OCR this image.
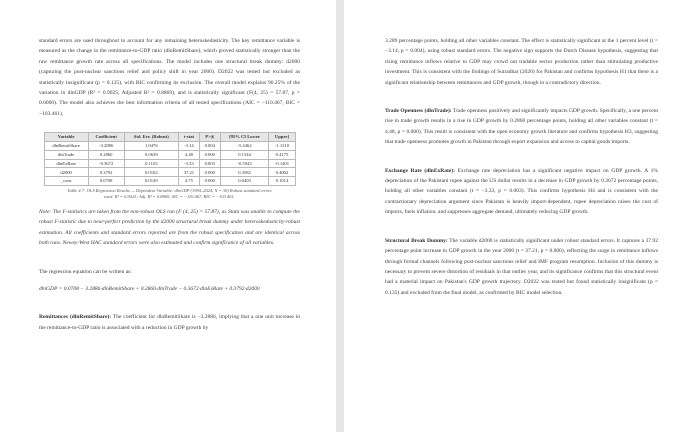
standard errors are used throughout to account for any remaining heteroskedasticity. The key remittance variable is measured as the change in the remittance-to-GDP ratio (dlnRemitShare), which proved statistically stronger than the raw remittance growth rate across all specifications. The model includes one structural break dummy: d2000 (capturing the post-nuclear sanctions relief and policy shift in year 2000). D2022 was tested but excluded as statistically insignificant (p = 0.135), with BIC confirming its exclusion. The overall model explains 90.25% of the variation in dlnGDP (R² = 0.9025; Adjusted R² = 0.8869), and is statistically significant (F(4, 25) = 57.87, p = 0.0000). The model also achieves the best information criteria of all tested specifications (AIC = −110.467, BIC = −103.461).

Variable	Coefficient	Std. Err. (Robust)	t-stat	P>|t|	[95% CI Lower	Upper]
dlnRemitShare	-3.2886	1.0476	-3.14	0.004	-5.4462	-1.1310
dlnTrade	0.2860	0.0639	4.48	0.000	0.1544	0.4175
dlnExRate	-0.3672	0.1103	-3.33	0.003	-0.5943	-0.1401
d2000	0.3792	0.0102	37.21	0.000	0.3582	0.4002
_cons	0.0708	0.0149	4.75	0.000	0.0403	0.1014
Table 4.7: OLS Regression Results — Dependent Variable: dlnGDP (1994–2024, N = 30) Robust standard errors
used. R² = 0.9025; Adj. R² = 0.8869, AIC = −110.467, BIC = −103.461.

Note: The F-statistics are taken from the non-robust OLS run (F (4, 25) = 57.87), as Stata was unable to compute the robust F-statistic due to near-perfect prediction by the d2000 structural break dummy under heteroskedasticity-robust estimation. All coefficients and standard errors reported are from the robust specification and are identical across both runs. Newey-West HAC standard errors were also estimated and confirm significance of all variables.

The regression equation can be written as:

dlnGDP = 0.0708 − 3.2886·dlnRemitShare + 0.2860·dlnTrade − 0.3672·dlnExRate + 0.3792·d2000

Remittances (dlnRemitShare): The coefficient for dlnRemitShare is −3.2886, implying that a one unit increase in the remittance-to-GDP ratio is associated with a reduction in GDP growth by

3.289 percentage points, holding all other variables constant. The effect is statistically significant at the 1 percent level (t = −3.14, p = 0.004), using robust standard errors. The negative sign supports the Dutch Disease hypothesis, suggesting that rising remittance inflows relative to GDP may crowd out tradable sector production rather than stimulating productive investment. This is consistent with the findings of Sutradhar (2020) for Pakistan and confirms hypothesis H1 that there is a significant relationship between remittances and GDP growth, though in a contradictory direction.

Trade Openness (dlnTrade): Trade openness positively and significantly impacts GDP growth. Specifically, a one percent rise in trade growth results in a rise in GDP growth by 0.2860 percentage points, holding all other variables constant (t = 4.48, p = 0.000). This result is consistent with the open economy growth literature and confirms hypothesis H3, suggesting that trade openness promotes growth in Pakistan through export expansion and access to capital goods imports.

Exchange Rate (dlnExRate): Exchange rate depreciation has a significant negative impact on GDP growth. A 1% depreciation of the Pakistani rupee against the US dollar results in a decrease in GDP growth by 0.3672 percentage points, holding all other variables constant (t = −3.33, p = 0.003). This confirms hypothesis H4 and is consistent with the contractionary depreciation argument since Pakistan is heavily import-dependent, rupee depreciation raises the cost of imports, fuels inflation, and suppresses aggregate demand, ultimately reducing GDP growth.

Structural Break Dummy: The variable d2000 is statistically significant under robust standard errors. It captures a 37.92 percentage point increase in GDP growth in the year 2000 (t = 37.21, p = 0.000), reflecting the surge in remittance inflows through formal channels following post-nuclear sanctions relief and IMF program resumption. Inclusion of this dummy is necessary to prevent severe distortion of residuals in that outlier year, and its significance confirms that this structural event had a material impact on Pakistan's GDP growth trajectory. D2022 was tested but found statistically insignificant (p = 0.135) and excluded from the final model, as confirmed by BIC model selection.
